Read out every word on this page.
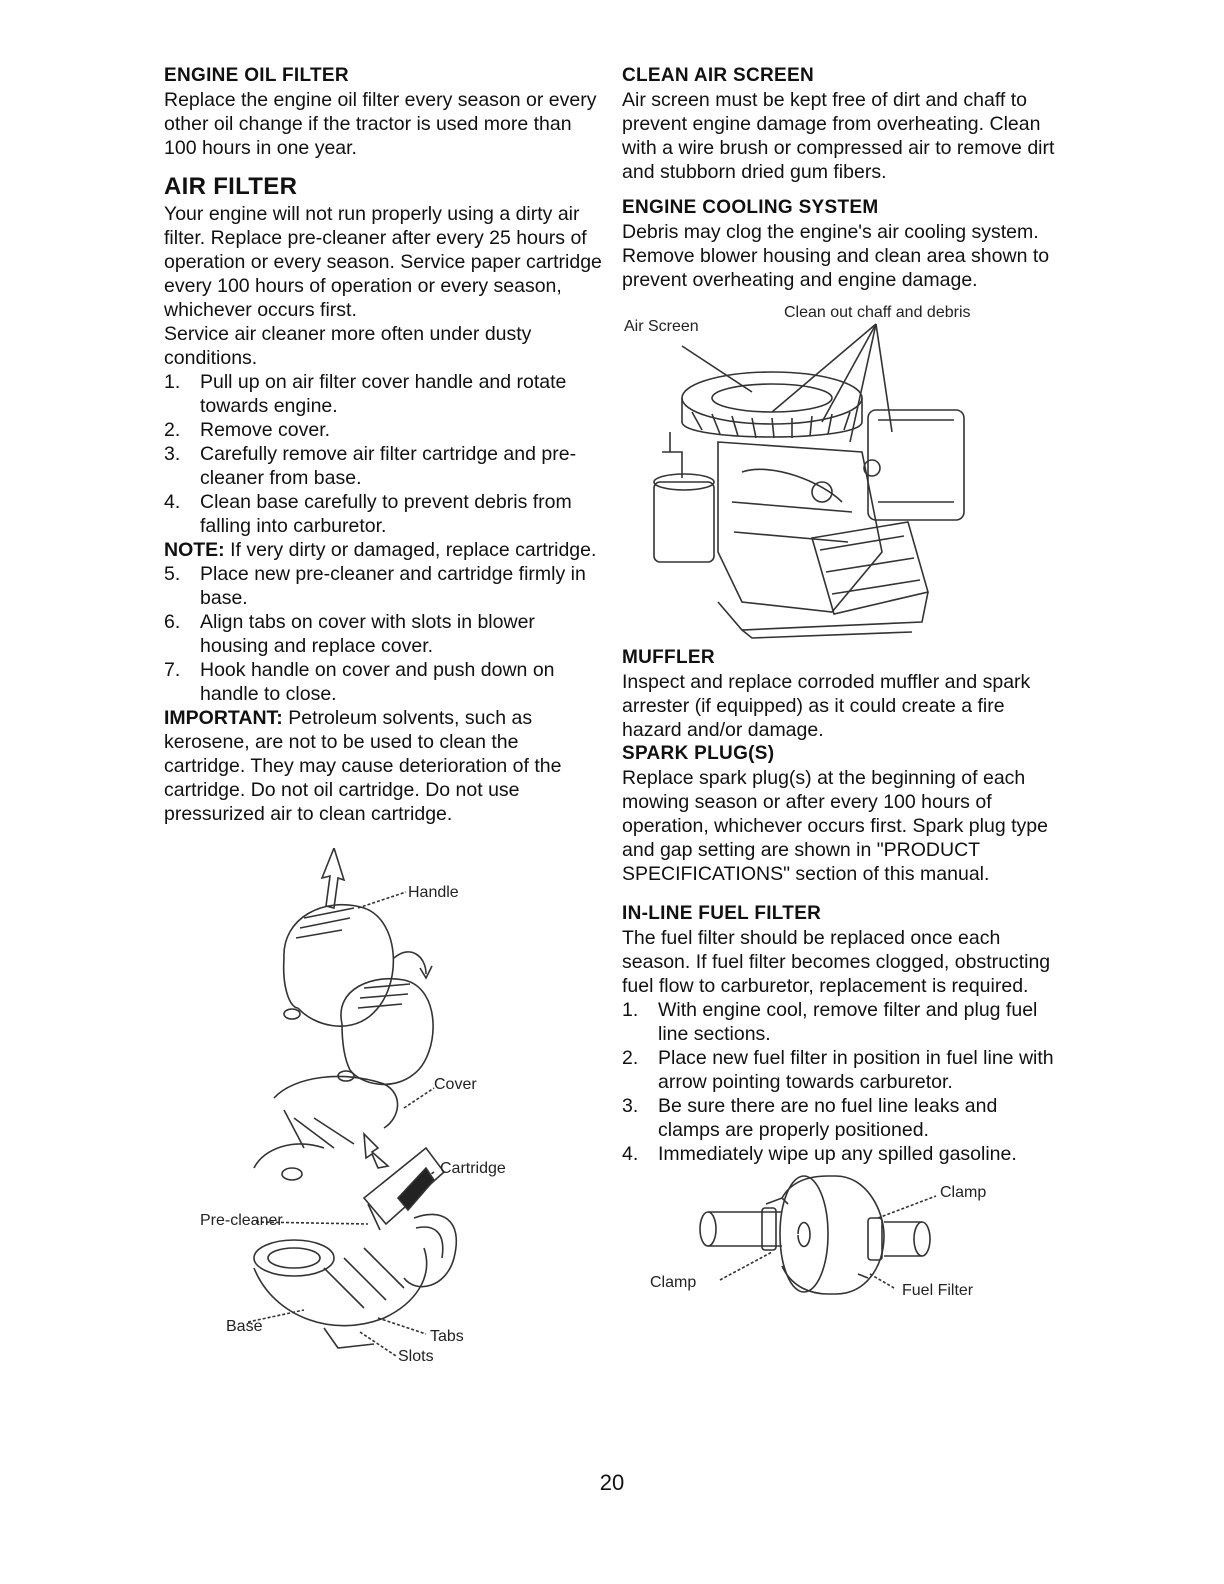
ENGINE OIL FILTER

Replace the engine oil filter every season or every other oil change if the tractor is used more than 100 hours in one year.

AIR FILTER

Your engine will not run properly using a dirty air filter. Replace pre-cleaner after every 25 hours of operation or every season. Service paper cartridge every 100 hours of operation or every season, whichever occurs first.

Service air cleaner more often under dusty conditions.

1. Pull up on air filter cover handle and rotate towards engine.
2. Remove cover.
3. Carefully remove air filter cartridge and pre-cleaner from base.
4. Clean base carefully to prevent debris from falling into carburetor.

NOTE: If very dirty or damaged, replace cartridge.

5. Place new pre-cleaner and cartridge firmly in base.
6. Align tabs on cover with slots in blower housing and replace cover.
7. Hook handle on cover and push down on handle to close.

IMPORTANT: Petroleum solvents, such as kerosene, are not to be used to clean the cartridge. They may cause deterioration of the cartridge. Do not oil cartridge. Do not use pressurized air to clean cartridge.

Handle
Cover
Cartridge
Pre-cleaner
Base
Tabs
Slots
CLEAN AIR SCREEN

Air screen must be kept free of dirt and chaff to prevent engine damage from overheating. Clean with a wire brush or compressed air to remove dirt and stubborn dried gum fibers.

ENGINE COOLING SYSTEM

Debris may clog the engine's air cooling system. Remove blower housing and clean area shown to prevent overheating and engine damage.

Air Screen
Clean out chaff and debris
MUFFLER

Inspect and replace corroded muffler and spark arrester (if equipped) as it could create a fire hazard and/or damage.

SPARK PLUG(S)

Replace spark plug(s) at the beginning of each mowing season or after every 100 hours of operation, whichever occurs first. Spark plug type and gap setting are shown in "PRODUCT SPECIFICATIONS" section of this manual.

IN-LINE FUEL FILTER

The fuel filter should be replaced once each season. If fuel filter becomes clogged, obstructing fuel flow to carburetor, replacement is required.

1. With engine cool, remove filter and plug fuel line sections.
2. Place new fuel filter in position in fuel line with arrow pointing towards carburetor.
3. Be sure there are no fuel line leaks and clamps are properly positioned.
4. Immediately wipe up any spilled gasoline.
Clamp
Clamp	Fuel Filter
20
